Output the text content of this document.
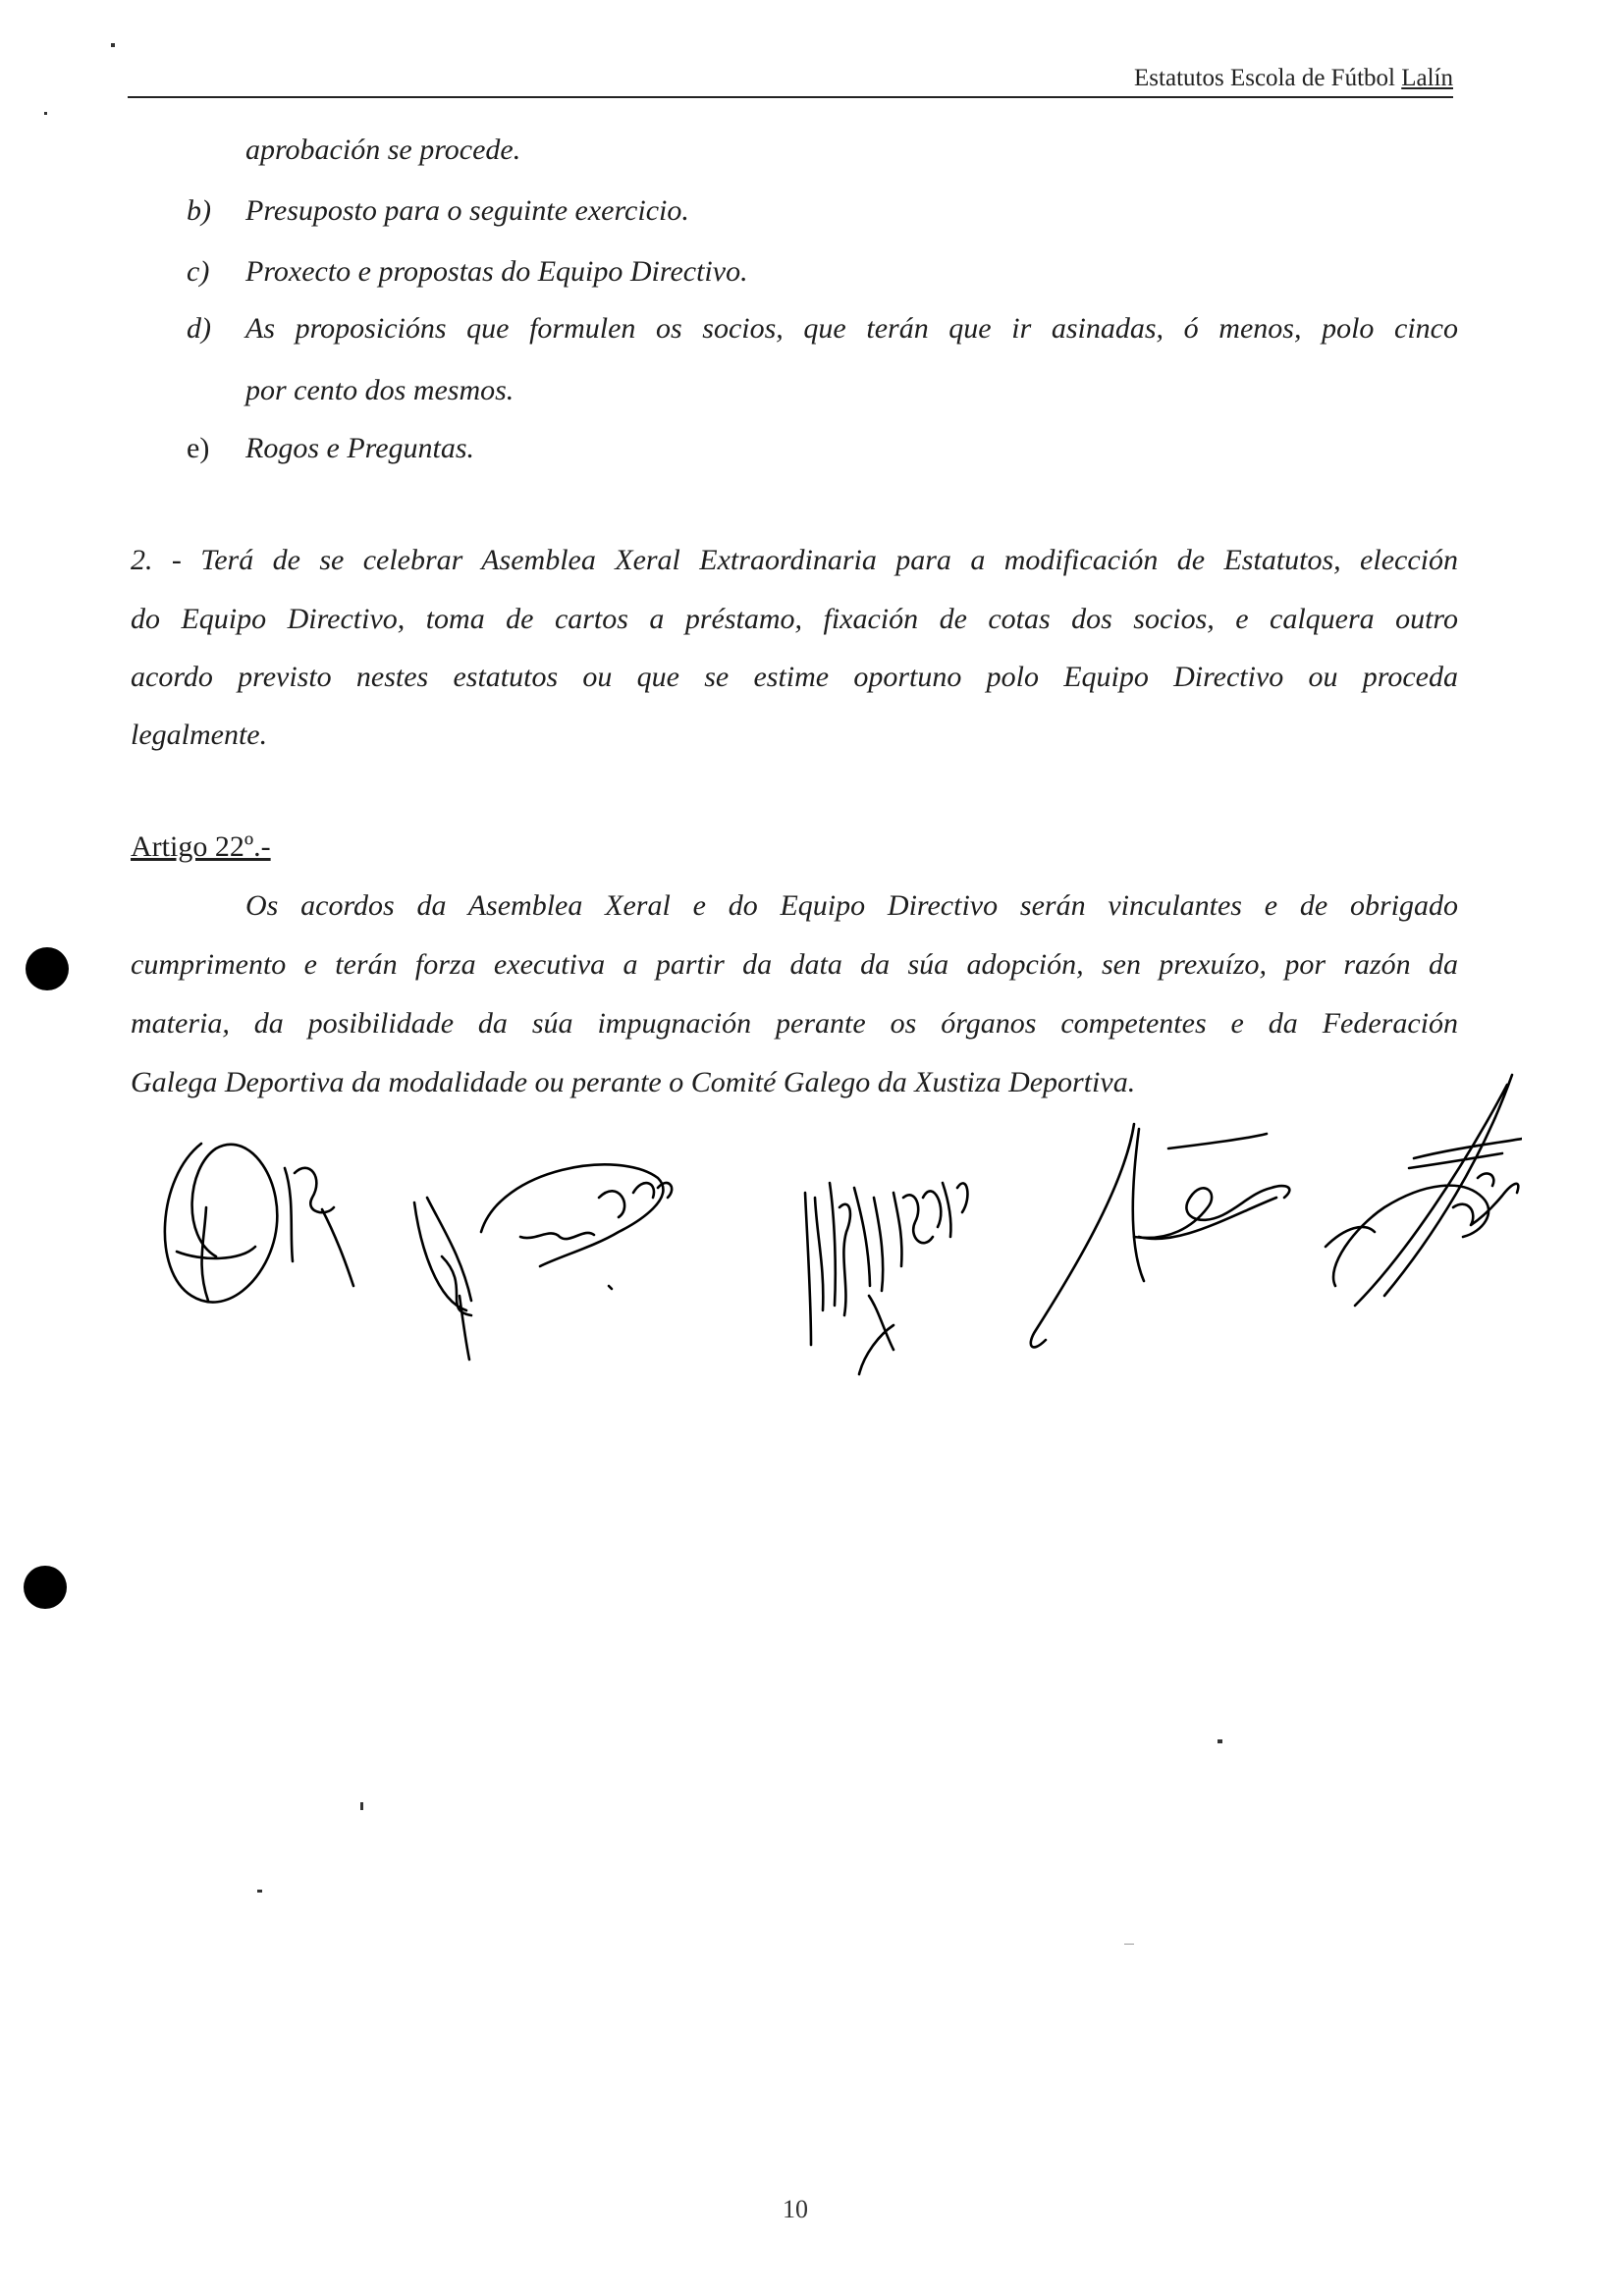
Estatutos Escola de Fútbol Lalín
aprobación se procede.
b) Presuposto para o seguinte exercicio.
c) Proxecto e propostas do Equipo Directivo.
d) As proposicións que formulen os socios, que terán que ir asinadas, ó menos, polo cinco
por cento dos mesmos.
e) Rogos e Preguntas.
2. - Terá de se celebrar Asemblea Xeral Extraordinaria para a modificación de Estatutos, elección
do Equipo Directivo, toma de cartos a préstamo, fixación de cotas dos socios, e calquera outro
acordo previsto nestes estatutos ou que se estime oportuno polo Equipo Directivo ou proceda
legalmente.
Artigo 22º.-
Os acordos da Asemblea Xeral e do Equipo Directivo serán vinculantes e de obrigado
cumprimento e terán forza executiva a partir da data da súa adopción, sen prexuízo, por razón da
materia, da posibilidade da súa impugnación perante os órganos competentes e da Federación
Galega Deportiva da modalidade ou perante o Comité Galego da Xustiza Deportiva.
10
